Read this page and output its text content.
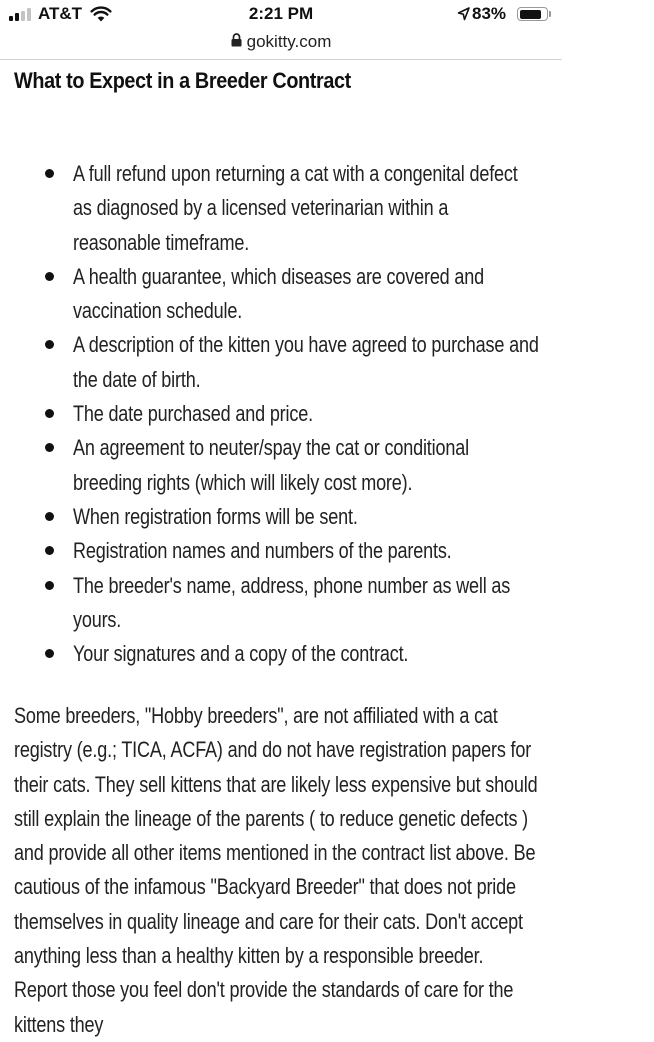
AT&T	2:21 PM	83%
gokitty.com
What to Expect in a Breeder Contract
A full refund upon returning a cat with a congenital defect as diagnosed by a licensed veterinarian within a reasonable timeframe.
A health guarantee, which diseases are covered and vaccination schedule.
A description of the kitten you have agreed to purchase and the date of birth.
The date purchased and price.
An agreement to neuter/spay the cat or conditional breeding rights (which will likely cost more).
When registration forms will be sent.
Registration names and numbers of the parents.
The breeder's name, address, phone number as well as yours.
Your signatures and a copy of the contract.

Some breeders, "Hobby breeders", are not affiliated with a cat registry (e.g.; TICA, ACFA) and do not have registration papers for their cats. They sell kittens that are likely less expensive but should still explain the lineage of the parents ( to reduce genetic defects ) and provide all other items mentioned in the contract list above. Be cautious of the infamous "Backyard Breeder" that does not pride themselves in quality lineage and care for their cats. Don't accept anything less than a healthy kitten by a responsible breeder. Report those you feel don't provide the standards of care for the kittens they
